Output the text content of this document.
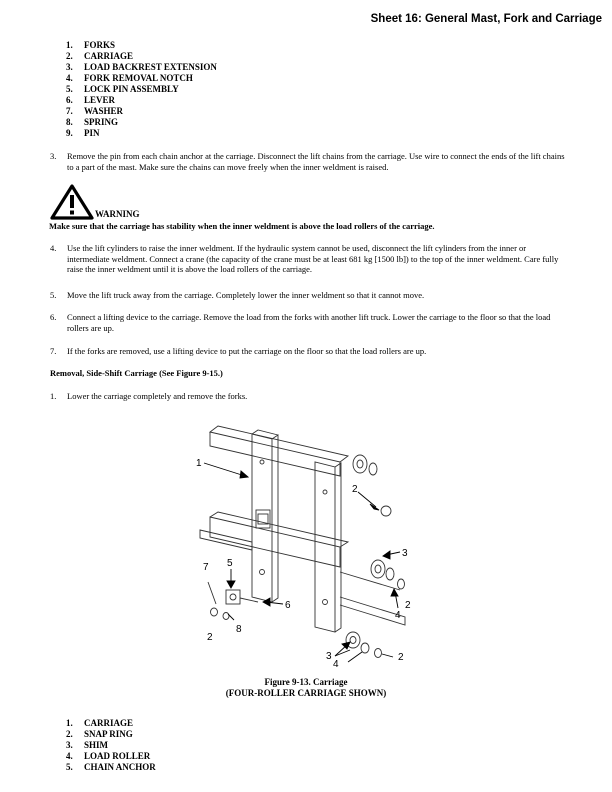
Sheet 16: General Mast, Fork and Carriage
1. FORKS
2. CARRIAGE
3. LOAD BACKREST EXTENSION
4. FORK REMOVAL NOTCH
5. LOCK PIN ASSEMBLY
6. LEVER
7. WASHER
8. SPRING
9. PIN
3. Remove the pin from each chain anchor at the carriage. Disconnect the lift chains from the carriage. Use wire to connect the ends of the lift chains to a part of the mast. Make sure the chains can move freely when the inner weldment is raised.
WARNING
Make sure that the carriage has stability when the inner weldment is above the load rollers of the carriage.
4. Use the lift cylinders to raise the inner weldment. If the hydraulic system cannot be used, disconnect the lift cylinders from the inner or intermediate weldment. Connect a crane (the capacity of the crane must be at least 681 kg [1500 lb]) to the top of the inner weldment. Care fully raise the inner weldment until it is above the load rollers of the carriage.
5. Move the lift truck away from the carriage. Completely lower the inner weldment so that it cannot move.
6. Connect a lifting device to the carriage. Remove the load from the forks with another lift truck. Lower the carriage to the floor so that the load rollers are up.
7. If the forks are removed, use a lifting device to put the carriage on the floor so that the load rollers are up.
Removal, Side-Shift Carriage (See Figure 9-15.)
1. Lower the carriage completely and remove the forks.
1
2
3
4
2
5
7
6
2
8
3
4
2
Figure 9-13. Carriage
(FOUR-ROLLER CARRIAGE SHOWN)
1. CARRIAGE
2. SNAP RING
3. SHIM
4. LOAD ROLLER
5. CHAIN ANCHOR
